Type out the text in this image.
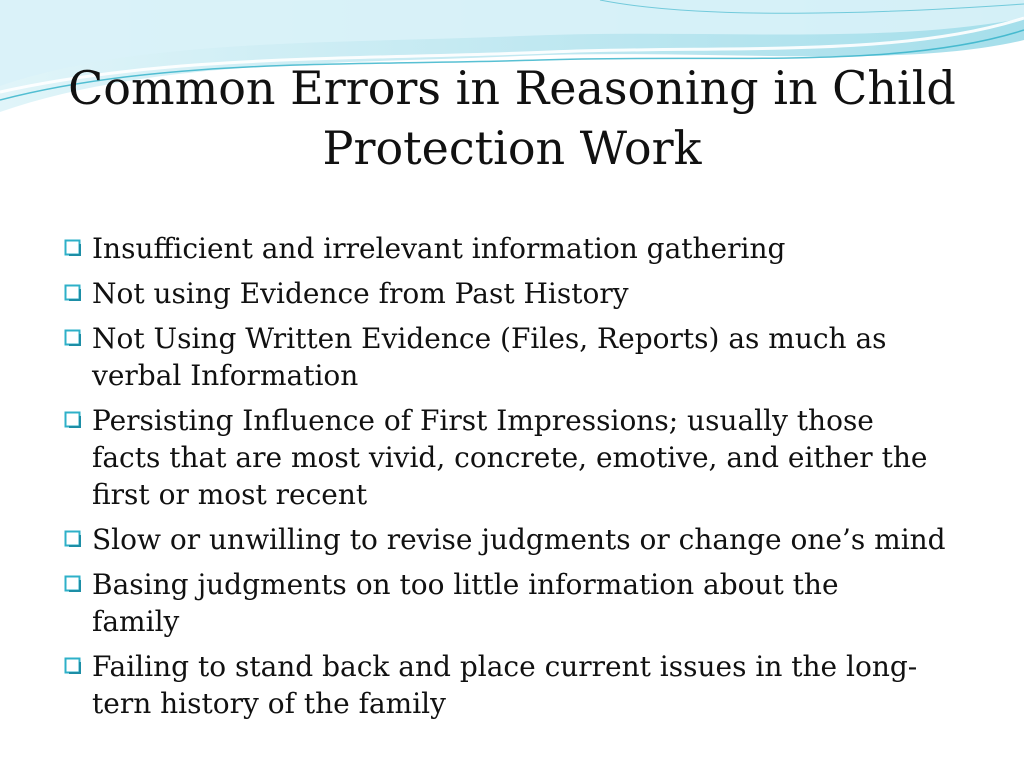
Common Errors in Reasoning in Child
Protection Work
Insufficient and irrelevant information gathering
Not using Evidence from Past History
Not Using Written Evidence (Files, Reports) as much as
verbal Information
Persisting Influence of First Impressions; usually those
facts that are most vivid, concrete, emotive, and either the
first or most recent
Slow or unwilling to revise judgments or change one’s mind
Basing judgments on too little information about the
family
Failing to stand back and place current issues in the long-
tern history of the family
